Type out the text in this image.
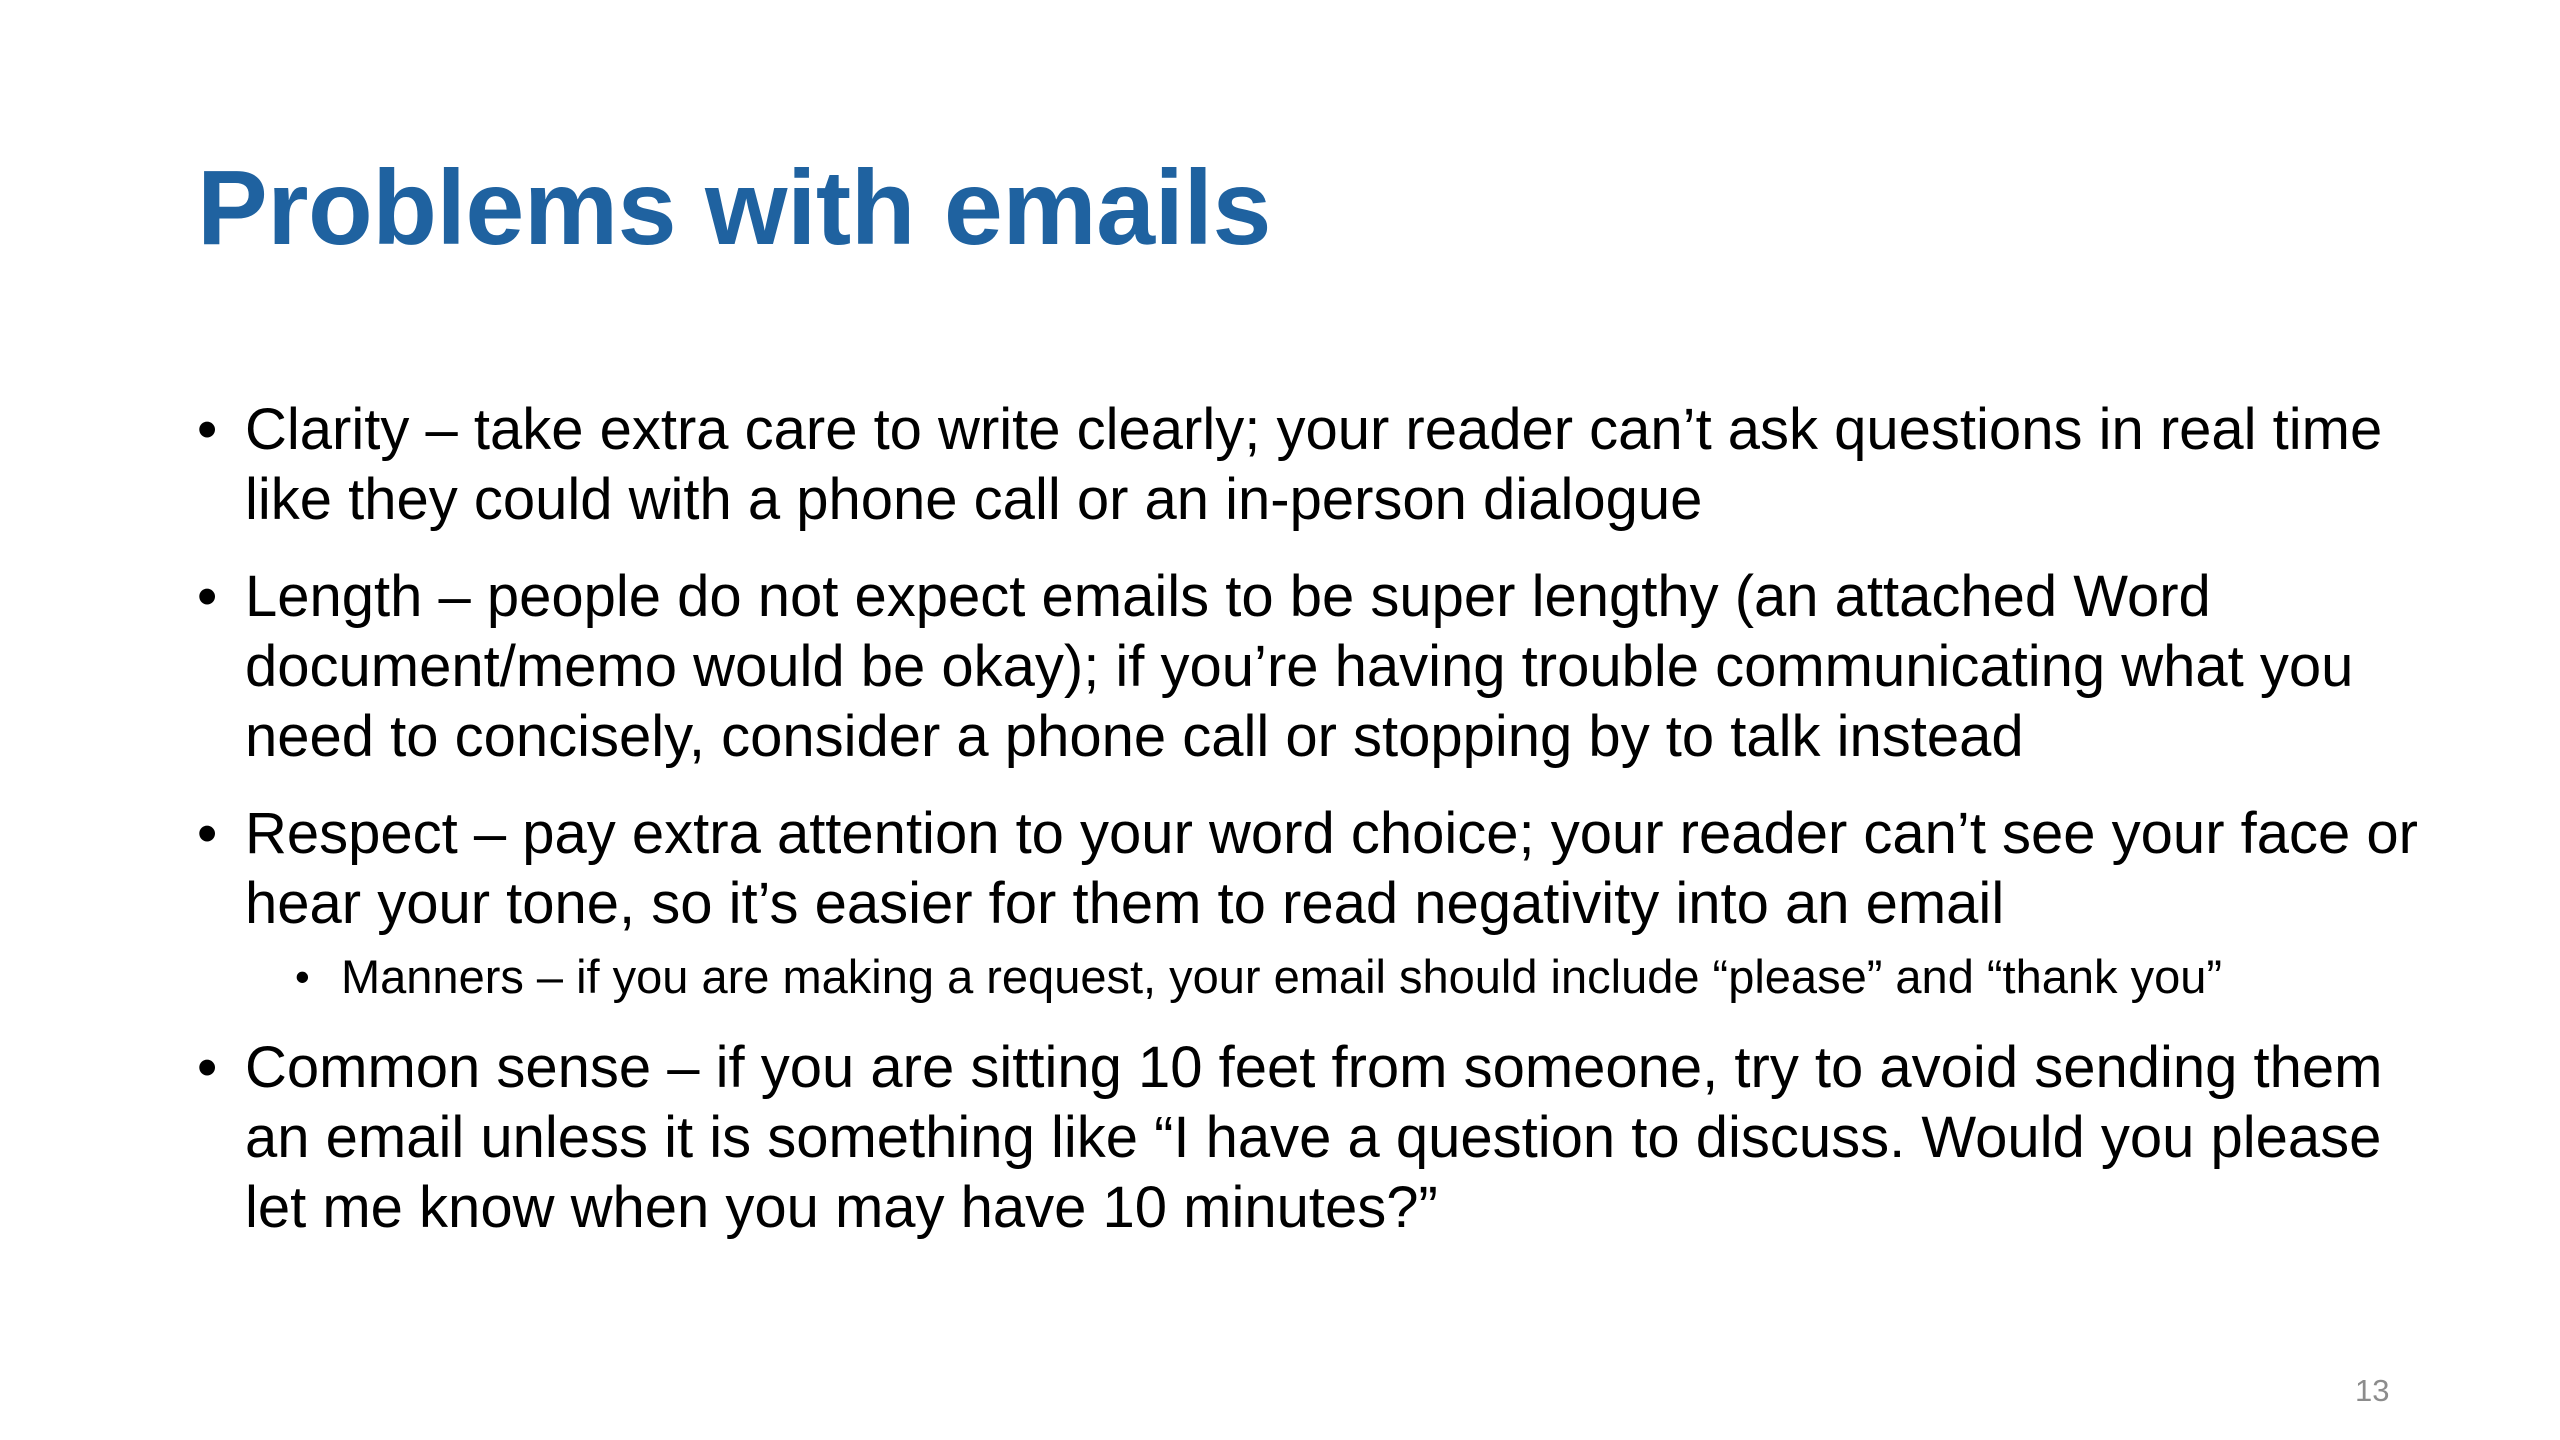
Problems with emails
• Clarity – take extra care to write clearly; your reader can’t ask questions in real time like they could with a phone call or an in-person dialogue
• Length – people do not expect emails to be super lengthy (an attached Word document/memo would be okay); if you’re having trouble communicating what you need to concisely, consider a phone call or stopping by to talk instead
• Respect – pay extra attention to your word choice; your reader can’t see your face or hear your tone, so it’s easier for them to read negativity into an email
• Manners – if you are making a request, your email should include “please” and “thank you”
• Common sense – if you are sitting 10 feet from someone, try to avoid sending them an email unless it is something like “I have a question to discuss. Would you please let me know when you may have 10 minutes?”
13
